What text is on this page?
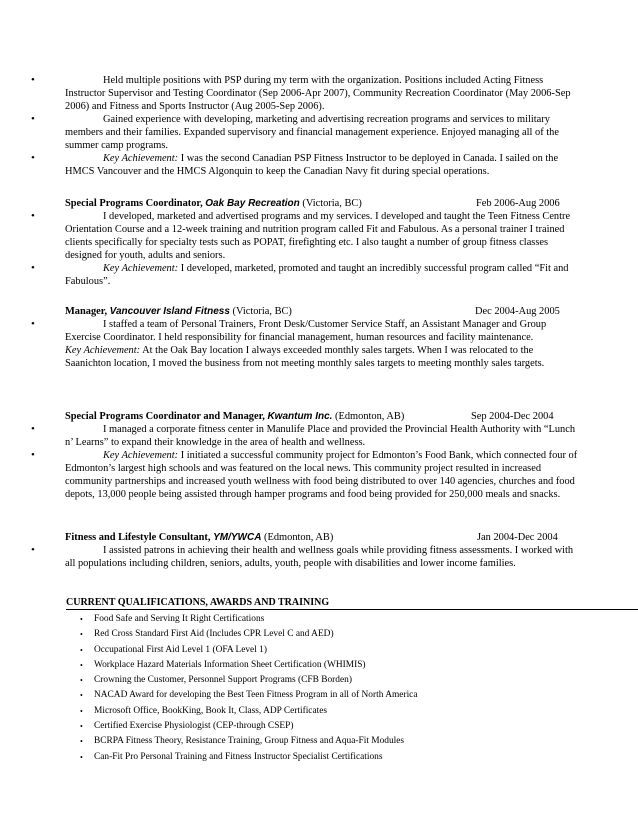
•	Held multiple positions with PSP during my term with the organization. Positions included Acting Fitness Instructor Supervisor and Testing Coordinator (Sep 2006-Apr 2007), Community Recreation Coordinator (May 2006-Sep 2006) and Fitness and Sports Instructor (Aug 2005-Sep 2006).

•	Gained experience with developing, marketing and advertising recreation programs and services to military members and their families. Expanded supervisory and financial management experience. Enjoyed managing all of the summer camp programs.

•	Key Achievement: I was the second Canadian PSP Fitness Instructor to be deployed in Canada. I sailed on the HMCS Vancouver and the HMCS Algonquin to keep the Canadian Navy fit during special operations.

Special Programs Coordinator, Oak Bay Recreation (Victoria, BC)	Feb 2006-Aug 2006

•	I developed, marketed and advertised programs and my services. I developed and taught the Teen Fitness Centre Orientation Course and a 12-week training and nutrition program called Fit and Fabulous. As a personal trainer I trained clients specifically for specialty tests such as POPAT, firefighting etc. I also taught a number of group fitness classes designed for youth, adults and seniors.

•	Key Achievement: I developed, marketed, promoted and taught an incredibly successful program called “Fit and Fabulous”.

Manager, Vancouver Island Fitness (Victoria, BC)	Dec 2004-Aug 2005

•	I staffed a team of Personal Trainers, Front Desk/Customer Service Staff, an Assistant Manager and Group Exercise Coordinator. I held responsibility for financial management, human resources and facility maintenance.

Key Achievement: At the Oak Bay location I always exceeded monthly sales targets. When I was relocated to the Saanichton location, I moved the business from not meeting monthly sales targets to meeting monthly sales targets.

Special Programs Coordinator and Manager, Kwantum Inc. (Edmonton, AB)	Sep 2004-Dec 2004

•	I managed a corporate fitness center in Manulife Place and provided the Provincial Health Authority with “Lunch n’ Learns” to expand their knowledge in the area of health and wellness.

•	Key Achievement: I initiated a successful community project for Edmonton’s Food Bank, which connected four of Edmonton’s largest high schools and was featured on the local news. This community project resulted in increased community partnerships and increased youth wellness with food being distributed to over 140 agencies, churches and food depots, 13,000 people being assisted through hamper programs and food being provided for 250,000 meals and snacks.

Fitness and Lifestyle Consultant, YM/YWCA (Edmonton, AB)	Jan 2004-Dec 2004

•	I assisted patrons in achieving their health and wellness goals while providing fitness assessments. I worked with all populations including children, seniors, adults, youth, people with disabilities and lower income families.

CURRENT QUALIFICATIONS, AWARDS AND TRAINING
• Food Safe and Serving It Right Certifications
• Red Cross Standard First Aid (Includes CPR Level C and AED)
• Occupational First Aid Level 1 (OFA Level 1)
• Workplace Hazard Materials Information Sheet Certification (WHIMIS)
• Crowning the Customer, Personnel Support Programs (CFB Borden)
• NACAD Award for developing the Best Teen Fitness Program in all of North America
• Microsoft Office, BookKing, Book It, Class, ADP Certificates
• Certified Exercise Physiologist (CEP-through CSEP)
• BCRPA Fitness Theory, Resistance Training, Group Fitness and Aqua-Fit Modules
• Can-Fit Pro Personal Training and Fitness Instructor Specialist Certifications
